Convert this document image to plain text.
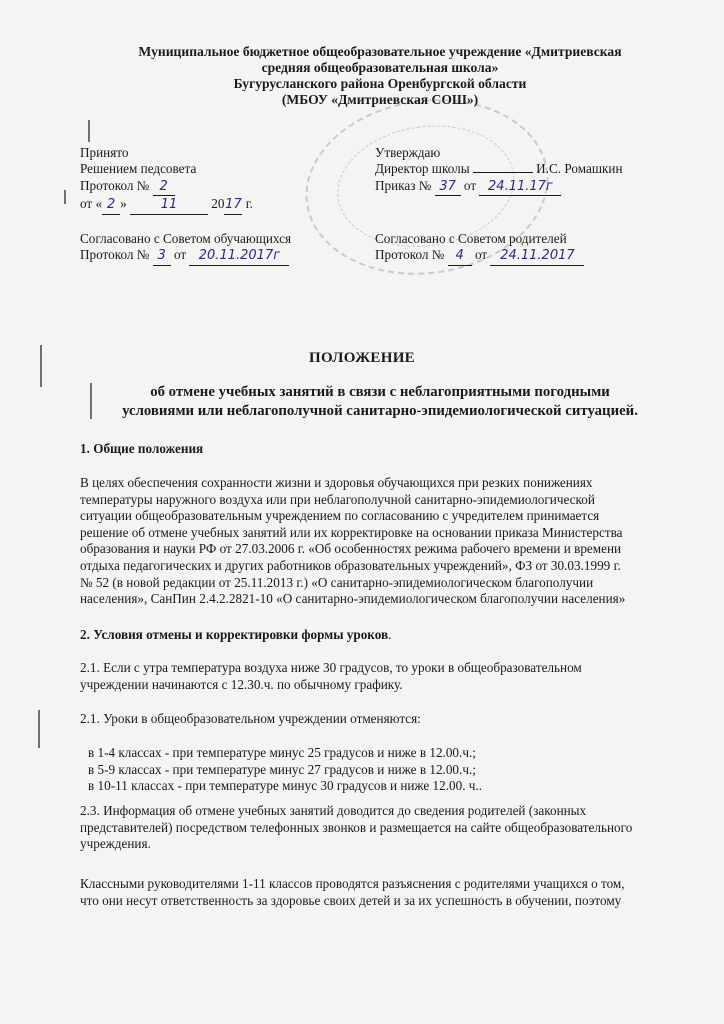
Муниципальное бюджетное общеобразовательное учреждение «Дмитриевская
средняя общеобразовательная школа»
Бугурусланского района Оренбургской области
(МБОУ «Дмитриевская СОШ»)
Принято
Решением педсовета
Протокол № 2
от « 2 »	11	2017 г.
Утверждаю
Директор школы	И.С. Ромашкин
Приказ № 37 от 24.11.17г
Согласовано с Советом обучающихся
Протокол № 3 от 20.11.2017г
Согласовано с Советом родителей
Протокол № 4 от 24.11.2017
ПОЛОЖЕНИЕ
об отмене учебных занятий в связи с неблагоприятными погодными
условиями или неблагополучной санитарно-эпидемиологической ситуацией.
1. Общие положения
В целях обеспечения сохранности жизни и здоровья обучающихся при резких понижениях
температуры наружного воздуха или при неблагополучной санитарно-эпидемиологической
ситуации общеобразовательным учреждением по согласованию с учредителем принимается
решение об отмене учебных занятий или их корректировке на основании приказа Министерства
образования и науки РФ от 27.03.2006 г. «Об особенностях режима рабочего времени и времени
отдыха педагогических и других работников образовательных учреждений», ФЗ от 30.03.1999 г.
№ 52 (в новой редакции от 25.11.2013 г.) «О санитарно-эпидемиологическом благополучии
населения», СанПин 2.4.2.2821-10 «О санитарно-эпидемиологическом благополучии населения»
2. Условия отмены и корректировки формы уроков.
2.1. Если с утра температура воздуха ниже 30 градусов, то уроки в общеобразовательном
учреждении начинаются с 12.30.ч. по обычному графику.
2.1. Уроки в общеобразовательном учреждении отменяются:
в 1-4 классах - при температуре минус 25 градусов и ниже в 12.00.ч.;
в 5-9 классах - при температуре минус 27 градусов и ниже в 12.00.ч.;
в 10-11 классах - при температуре минус 30 градусов и ниже 12.00. ч..
2.3. Информация об отмене учебных занятий доводится до сведения родителей (законных
представителей) посредством телефонных звонков и размещается на сайте общеобразовательного
учреждения.
Классными руководителями 1-11 классов проводятся разъяснения с родителями учащихся о том,
что они несут ответственность за здоровье своих детей и за их успешность в обучении, поэтому
